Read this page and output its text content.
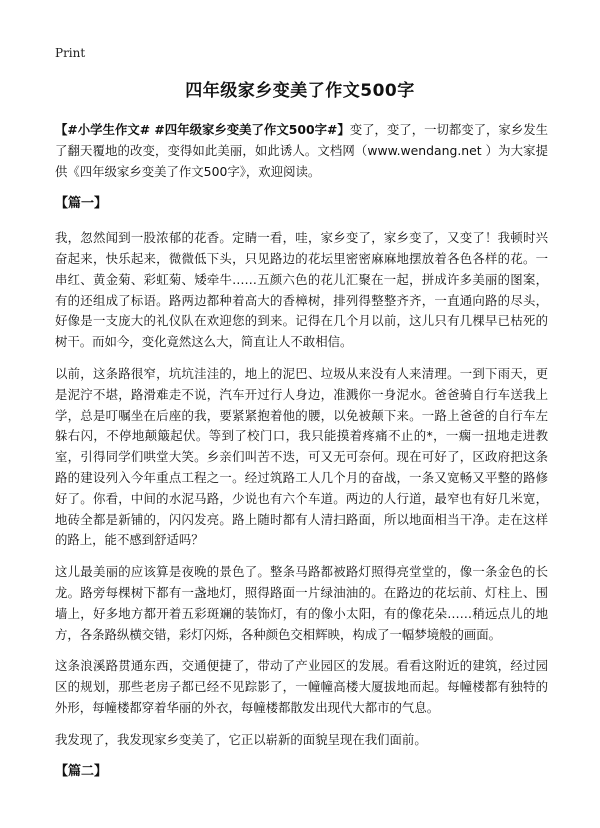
Print
四年级家乡变美了作文500字

【#小学生作文# #四年级家乡变美了作文500字#】变了，变了，一切都变了，家乡发生了翻天覆地的改变，变得如此美丽，如此诱人。文档网（www.wendang.net ）为大家提供《四年级家乡变美了作文500字》，欢迎阅读。

【篇一】

我，忽然闻到一股浓郁的花香。定睛一看，哇，家乡变了，家乡变了，又变了！我顿时兴奋起来，快乐起来，微微低下头，只见路边的花坛里密密麻麻地摆放着各色各样的花。一串红、黄金菊、彩虹菊、矮牵牛……五颜六色的花儿汇聚在一起，拼成许多美丽的图案，有的还组成了标语。路两边都种着高大的香樟树，排列得整整齐齐，一直通向路的尽头，好像是一支庞大的礼仪队在欢迎您的到来。记得在几个月以前，这儿只有几棵早已枯死的树干。而如今，变化竟然这么大，简直让人不敢相信。

以前，这条路很窄，坑坑洼洼的，地上的泥巴、垃圾从来没有人来清理。一到下雨天，更是泥泞不堪，路滑难走不说，汽车开过行人身边，准溅你一身泥水。爸爸骑自行车送我上学，总是叮嘱坐在后座的我，要紧紧抱着他的腰，以免被颠下来。一路上爸爸的自行车左躲右闪，不停地颠簸起伏。等到了校门口，我只能摸着疼痛不止的*，一瘸一扭地走进教室，引得同学们哄堂大笑。乡亲们叫苦不迭，可又无可奈何。现在可好了，区政府把这条路的建设列入今年重点工程之一。经过筑路工人几个月的奋战，一条又宽畅又平整的路修好了。你看，中间的水泥马路，少说也有六个车道。两边的人行道，最窄也有好几米宽，地砖全都是新铺的，闪闪发亮。路上随时都有人清扫路面，所以地面相当干净。走在这样的路上，能不感到舒适吗？

这儿最美丽的应该算是夜晚的景色了。整条马路都被路灯照得亮堂堂的，像一条金色的长龙。路旁每棵树下都有一盏地灯，照得路面一片绿油油的。在路边的花坛前、灯柱上、围墙上，好多地方都开着五彩斑斓的装饰灯，有的像小太阳，有的像花朵……稍远点儿的地方，各条路纵横交错，彩灯闪烁，各种颜色交相辉映，构成了一幅梦境般的画面。

这条浪溪路贯通东西，交通便捷了，带动了产业园区的发展。看看这附近的建筑，经过园区的规划，那些老房子都已经不见踪影了，一幢幢高楼大厦拔地而起。每幢楼都有独特的外形，每幢楼都穿着华丽的外衣，每幢楼都散发出现代大都市的气息。

我发现了，我发现家乡变美了，它正以崭新的面貌呈现在我们面前。

【篇二】
